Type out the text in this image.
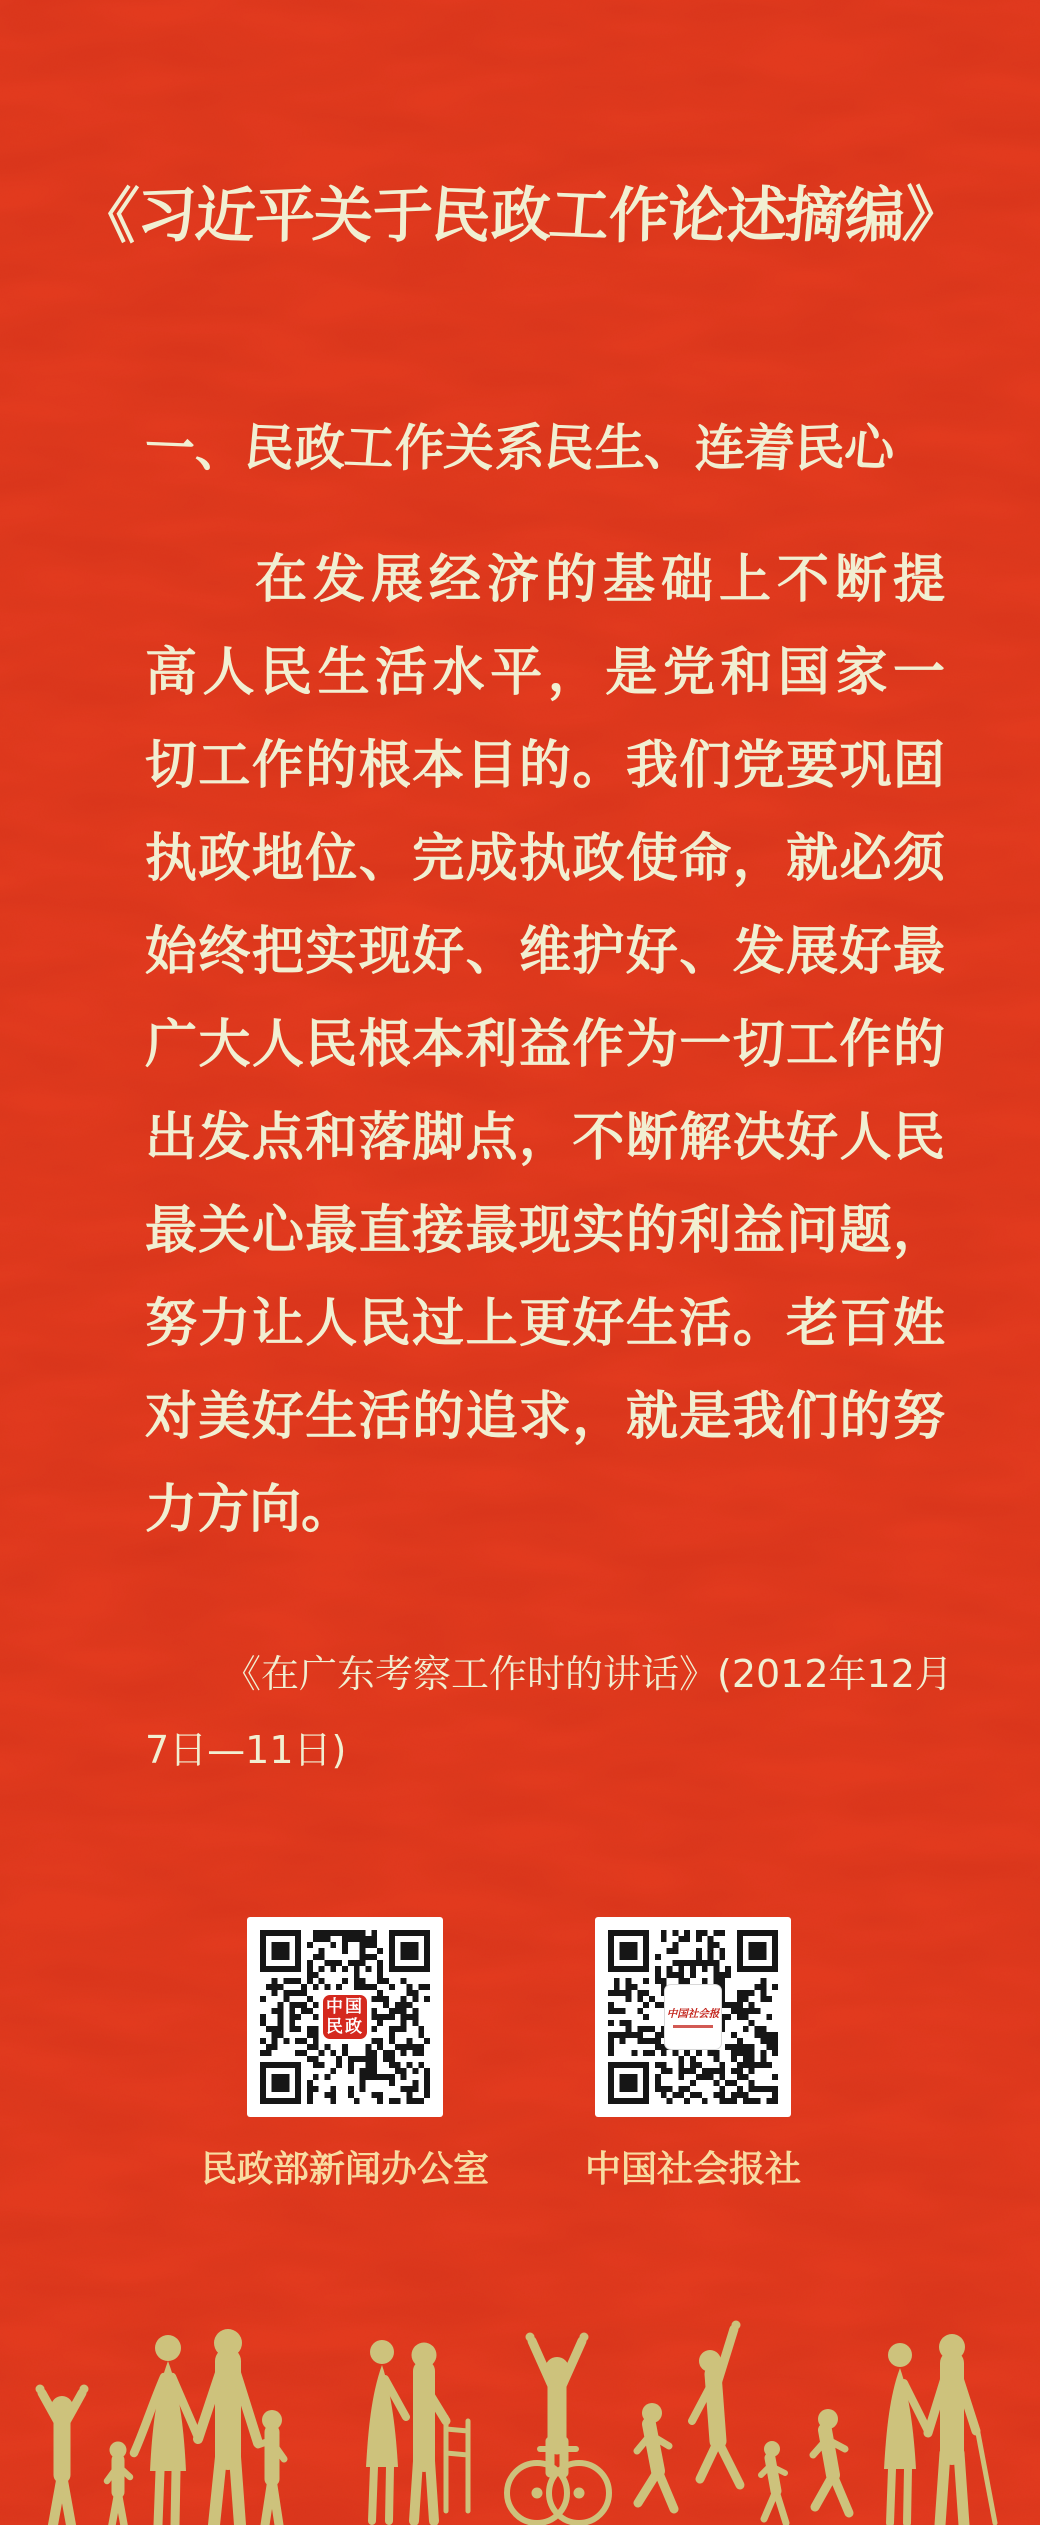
《习近平关于民政工作论述摘编》
一、民政工作关系民生、连着民心
在发展经济的基础上不断提
高人民生活水平，是党和国家一
切工作的根本目的。我们党要巩固
执政地位、完成执政使命，就必须
始终把实现好、维护好、发展好最
广大人民根本利益作为一切工作的
出发点和落脚点，不断解决好人民
最关心最直接最现实的利益问题，
努力让人民过上更好生活。老百姓
对美好生活的追求，就是我们的努
力方向。
《在广东考察工作时的讲话》(2012年12月
7日—11日)
中国民政
民政部新闻办公室
中国社会报
中国社会报社
